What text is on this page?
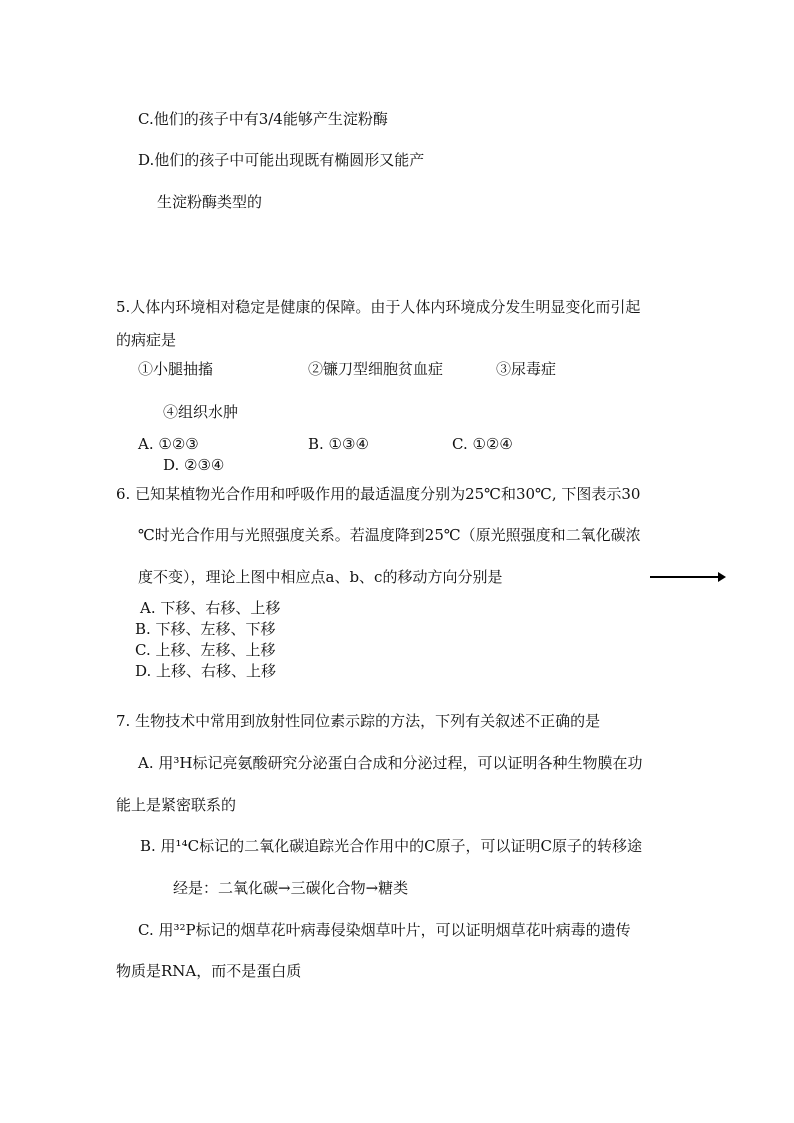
C.他们的孩子中有3/4能够产生淀粉酶
D.他们的孩子中可能出现既有椭圆形又能产
生淀粉酶类型的
5.人体内环境相对稳定是健康的保障。由于人体内环境成分发生明显变化而引起
的病症是
①小腿抽搐	②镰刀型细胞贫血症	③尿毒症
④组织水肿
A. ①②③	B. ①③④	C. ①②④
D. ②③④
6. 已知某植物光合作用和呼吸作用的最适温度分别为25℃和30℃, 下图表示30
℃时光合作用与光照强度关系。若温度降到25℃（原光照强度和二氧化碳浓
度不变），理论上图中相应点a、b、c的移动方向分别是
A. 下移、右移、上移
B. 下移、左移、下移
C. 上移、左移、上移
D. 上移、右移、上移
7. 生物技术中常用到放射性同位素示踪的方法，下列有关叙述不正确的是
A. 用³H标记亮氨酸研究分泌蛋白合成和分泌过程，可以证明各种生物膜在功
能上是紧密联系的
B. 用¹⁴C标记的二氧化碳追踪光合作用中的C原子，可以证明C原子的转移途
经是：二氧化碳→三碳化合物→糖类
C. 用³²P标记的烟草花叶病毒侵染烟草叶片，可以证明烟草花叶病毒的遗传
物质是RNA，而不是蛋白质
